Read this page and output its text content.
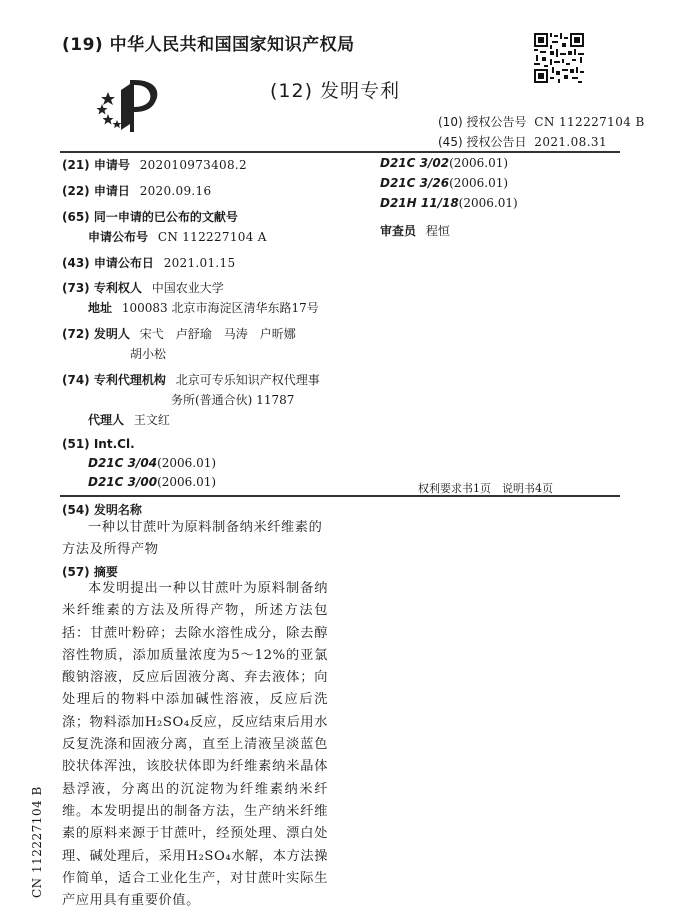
(19) 中华人民共和国国家知识产权局
(12) 发明专利
(10) 授权公告号 CN 112227104 B
(45) 授权公告日 2021.08.31
(21) 申请号 202010973408.2
(22) 申请日 2020.09.16
(65) 同一申请的已公布的文献号
申请公布号 CN 112227104 A
(43) 申请公布日 2021.01.15
(73) 专利权人 中国农业大学
地址 100083 北京市海淀区清华东路17号
(72) 发明人 宋弋　卢舒瑜　马涛　户昕娜
胡小松
(74) 专利代理机构 北京可专乐知识产权代理事
务所(普通合伙) 11787
代理人 王文红
(51) Int.Cl.
D21C 3/04(2006.01)
D21C 3/00(2006.01)
D21C 3/02(2006.01)
D21C 3/26(2006.01)
D21H 11/18(2006.01)
审查员 程恒
权利要求书1页　说明书4页
(54) 发明名称
一种以甘蔗叶为原料制备纳米纤维素的方法及所得产物
(57) 摘要
本发明提出一种以甘蔗叶为原料制备纳米纤维素的方法及所得产物，所述方法包括：甘蔗叶粉碎；去除水溶性成分，除去醇溶性物质，添加质量浓度为5～12%的亚氯酸钠溶液，反应后固液分离、弃去液体；向处理后的物料中添加碱性溶液，反应后洗涤；物料添加H₂SO₄反应，反应结束后用水反复洗涤和固液分离，直至上清液呈淡蓝色胶状体浑浊，该胶状体即为纤维素纳米晶体悬浮液，分离出的沉淀物为纤维素纳米纤维。本发明提出的制备方法，生产纳米纤维素的原料来源于甘蔗叶，经预处理、漂白处理、碱处理后，采用H₂SO₄水解，本方法操作简单，适合工业化生产，对甘蔗叶实际生产应用具有重要价值。
CN 112227104 B
